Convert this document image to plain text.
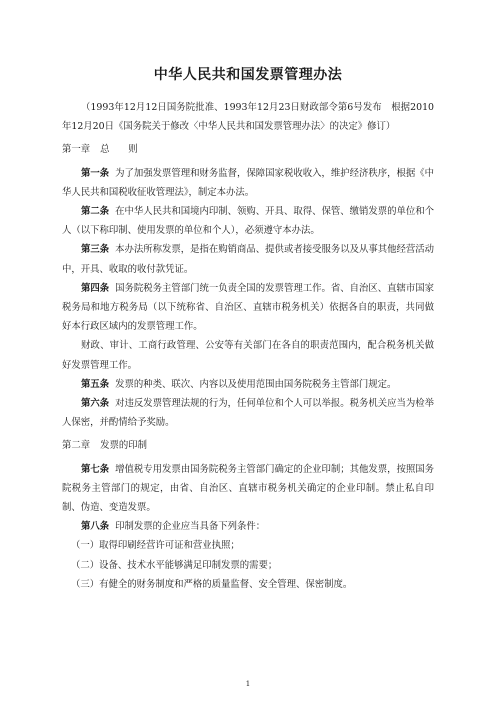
中华人民共和国发票管理办法

（1993年12月12日国务院批准、1993年12月23日财政部令第6号发布　根据2010年12月20日《国务院关于修改〈中华人民共和国发票管理办法〉的决定》修订）

第一章 总　　则

第一条 为了加强发票管理和财务监督，保障国家税收收入，维护经济秩序，根据《中华人民共和国税收征收管理法》，制定本办法。

第二条 在中华人民共和国境内印制、领购、开具、取得、保管、缴销发票的单位和个人（以下称印制、使用发票的单位和个人），必须遵守本办法。

第三条 本办法所称发票，是指在购销商品、提供或者接受服务以及从事其他经营活动中，开具、收取的收付款凭证。

第四条 国务院税务主管部门统一负责全国的发票管理工作。省、自治区、直辖市国家税务局和地方税务局（以下统称省、自治区、直辖市税务机关）依据各自的职责，共同做好本行政区域内的发票管理工作。

财政、审计、工商行政管理、公安等有关部门在各自的职责范围内，配合税务机关做好发票管理工作。

第五条 发票的种类、联次、内容以及使用范围由国务院税务主管部门规定。

第六条 对违反发票管理法规的行为，任何单位和个人可以举报。税务机关应当为检举人保密，并酌情给予奖励。

第二章 发票的印制

第七条 增值税专用发票由国务院税务主管部门确定的企业印制；其他发票，按照国务院税务主管部门的规定，由省、自治区、直辖市税务机关确定的企业印制。禁止私自印制、伪造、变造发票。

第八条 印制发票的企业应当具备下列条件：

（一）取得印刷经营许可证和营业执照；

（二）设备、技术水平能够满足印制发票的需要；

（三）有健全的财务制度和严格的质量监督、安全管理、保密制度。

1
